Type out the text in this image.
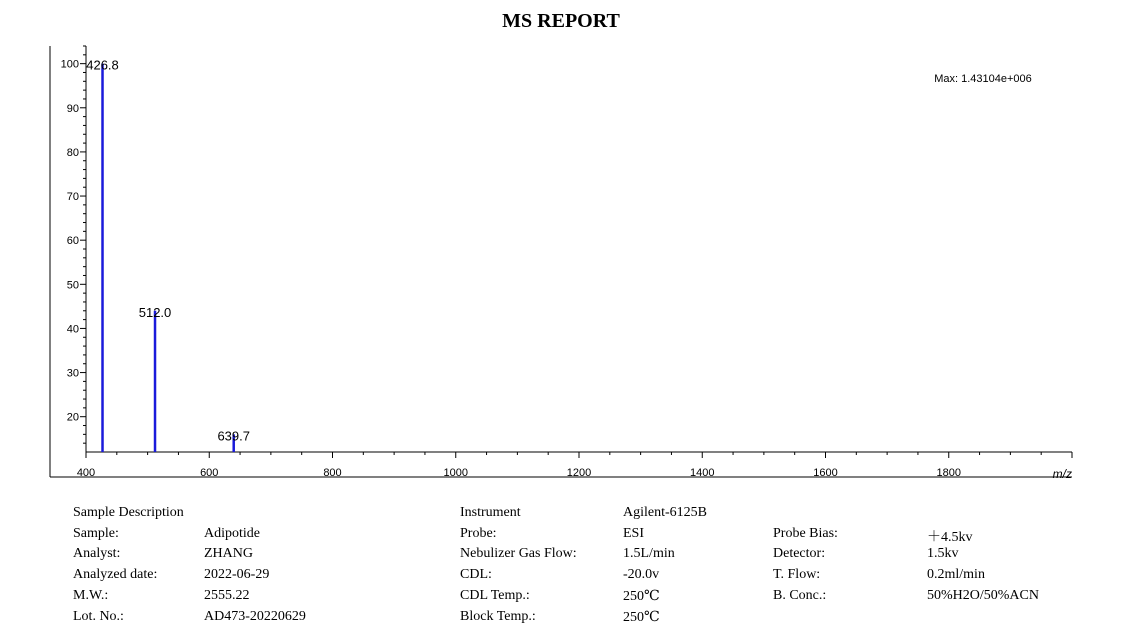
MS REPORT
20
30
40
50
60
70
80
90
100
400	600	800	1000	1200	1400	1600	1800	m/z
Max: 1.43104e+006
426.8
512.0
639.7
Sample Description
Sample:	Adipotide
Analyst:	ZHANG
Analyzed date:	2022-06-29
M.W.:	2555.22
Lot. No.:	AD473-20220629
Instrument	Agilent-6125B
Probe:	ESI
Nebulizer Gas Flow:	1.5L/min
CDL:	-20.0v
CDL Temp.:	250℃
Block Temp.:	250℃
Probe Bias:	＋4.5kv
Detector:	1.5kv
T. Flow:	0.2ml/min
B. Conc.:	50%H2O/50%ACN
